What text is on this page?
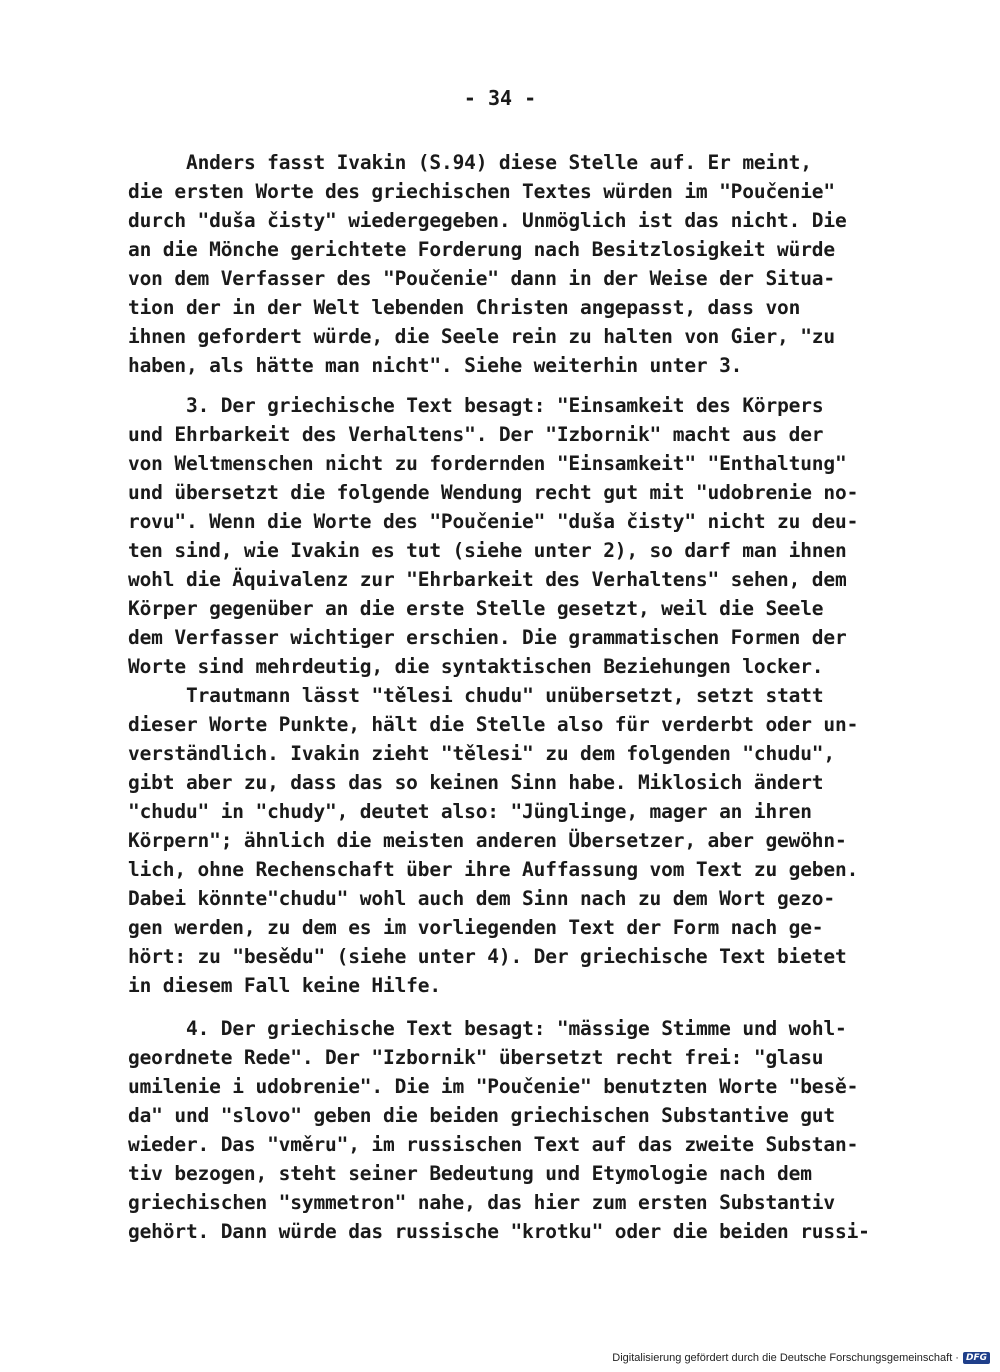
- 34 -
Anders fasst Ivakin (S.94) diese Stelle auf. Er meint,
die ersten Worte des griechischen Textes würden im "Poučenie"
durch "duša čisty" wiedergegeben. Unmöglich ist das nicht. Die
an die Mönche gerichtete Forderung nach Besitzlosigkeit würde
von dem Verfasser des "Poučenie" dann in der Weise der Situa-
tion der in der Welt lebenden Christen angepasst, dass von
ihnen gefordert würde, die Seele rein zu halten von Gier, "zu
haben, als hätte man nicht". Siehe weiterhin unter 3.
3. Der griechische Text besagt: "Einsamkeit des Körpers
und Ehrbarkeit des Verhaltens". Der "Izbornik" macht aus der
von Weltmenschen nicht zu fordernden "Einsamkeit" "Enthaltung"
und übersetzt die folgende Wendung recht gut mit "udobrenie no-
rovu". Wenn die Worte des "Poučenie" "duša čisty" nicht zu deu-
ten sind, wie Ivakin es tut (siehe unter 2), so darf man ihnen
wohl die Äquivalenz zur "Ehrbarkeit des Verhaltens" sehen, dem
Körper gegenüber an die erste Stelle gesetzt, weil die Seele
dem Verfasser wichtiger erschien. Die grammatischen Formen der
Worte sind mehrdeutig, die syntaktischen Beziehungen locker.
Trautmann lässt "tělesi chudu" unübersetzt, setzt statt
dieser Worte Punkte, hält die Stelle also für verderbt oder un-
verständlich. Ivakin zieht "tělesi" zu dem folgenden "chudu",
gibt aber zu, dass das so keinen Sinn habe. Miklosich ändert
"chudu" in "chudy", deutet also: "Jünglinge, mager an ihren
Körpern"; ähnlich die meisten anderen Übersetzer, aber gewöhn-
lich, ohne Rechenschaft über ihre Auffassung vom Text zu geben.
Dabei könnte"chudu" wohl auch dem Sinn nach zu dem Wort gezo-
gen werden, zu dem es im vorliegenden Text der Form nach ge-
hört: zu "besědu" (siehe unter 4). Der griechische Text bietet
in diesem Fall keine Hilfe.
4. Der griechische Text besagt: "mässige Stimme und wohl-
geordnete Rede". Der "Izbornik" übersetzt recht frei: "glasu
umilenie i udobrenie". Die im "Poučenie" benutzten Worte "besě-
da" und "slovo" geben die beiden griechischen Substantive gut
wieder. Das "vměru", im russischen Text auf das zweite Substan-
tiv bezogen, steht seiner Bedeutung und Etymologie nach dem
griechischen "symmetron" nahe, das hier zum ersten Substantiv
gehört. Dann würde das russische "krotku" oder die beiden russi-
Digitalisierung gefördert durch die Deutsche Forschungsgemeinschaft · DFG
